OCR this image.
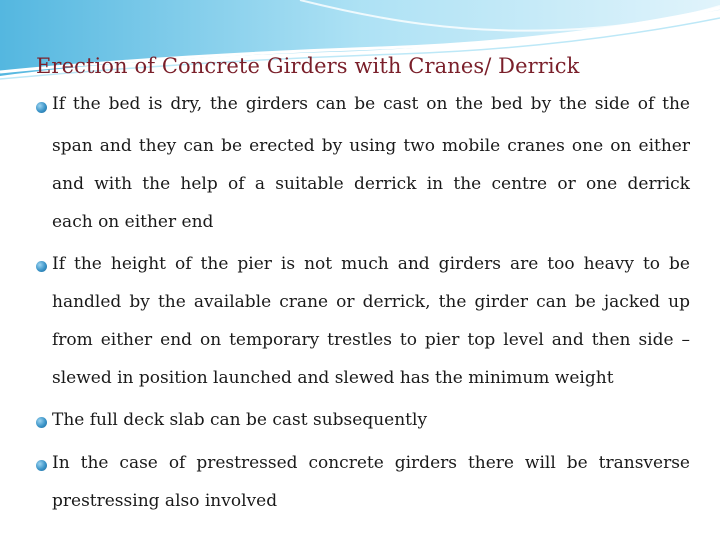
Erection of Concrete Girders with Cranes/ Derrick
If the bed is dry, the girders can be cast on the bed by the side of the
span and they can be erected by using two mobile cranes one on either
and with the help of a suitable derrick in the centre or one derrick
each on either end
If the height of the pier is not much and girders are too heavy to be
handled by the available crane or derrick, the girder can be jacked up
from either end on temporary trestles to pier top level and then side –
slewed in position launched and slewed has the minimum weight
The full deck slab can be cast subsequently
In the case of prestressed concrete girders there will be transverse
prestressing also involved
